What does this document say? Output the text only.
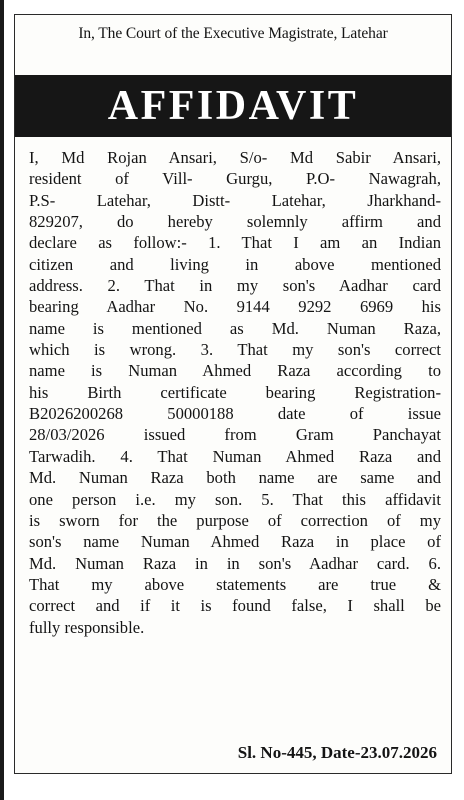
In, The Court of the Executive Magistrate, Latehar
AFFIDAVIT

I, Md Rojan Ansari, S/o- Md Sabir Ansari,
resident of Vill- Gurgu, P.O- Nawagrah,
P.S- Latehar, Distt- Latehar, Jharkhand-
829207, do hereby solemnly affirm and
declare as follow:- 1. That I am an Indian
citizen and living in above mentioned
address. 2. That in my son's Aadhar card
bearing Aadhar No. 9144 9292 6969 his
name is mentioned as Md. Numan Raza,
which is wrong. 3. That my son's correct
name is Numan Ahmed Raza according to
his Birth certificate bearing Registration-
B2026200268 50000188 date of issue
28/03/2026 issued from Gram Panchayat
Tarwadih. 4. That Numan Ahmed Raza and
Md. Numan Raza both name are same and
one person i.e. my son. 5. That this affidavit
is sworn for the purpose of correction of my
son's name Numan Ahmed Raza in place of
Md. Numan Raza in in son's Aadhar card. 6.
That my above statements are true &
correct and if it is found false, I shall be
fully responsible.

Sl. No-445, Date-23.07.2026
